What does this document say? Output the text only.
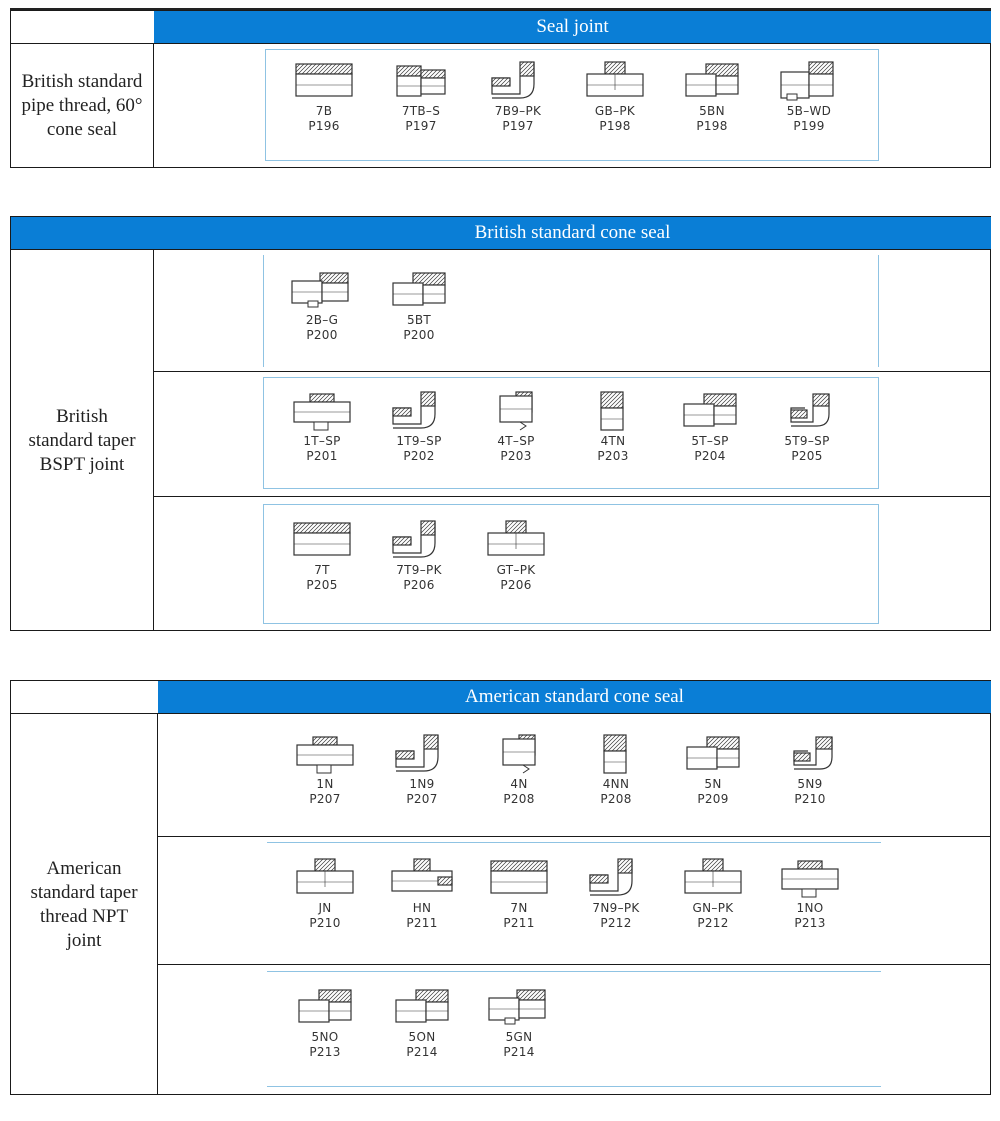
Seal joint
British standard pipe thread, 60° cone seal
7B
P196
7TB–S
P197
7B9–PK
P197
GB–PK
P198
5BN
P198
5B–WD
P199
British standard cone seal
British standard taper BSPT joint
2B–G
P200
5BT
P200
1T–SP
P201
1T9–SP
P202
4T–SP
P203
4TN
P203
5T–SP
P204
5T9–SP
P205
7T
P205
7T9–PK
P206
GT–PK
P206
American standard cone seal
American standard taper thread NPT joint
1N
P207
1N9
P207
4N
P208
4NN
P208
5N
P209
5N9
P210
JN
P210
HN
P211
7N
P211
7N9–PK
P212
GN–PK
P212
1NO
P213
5NO
P213
5ON
P214
5GN
P214
